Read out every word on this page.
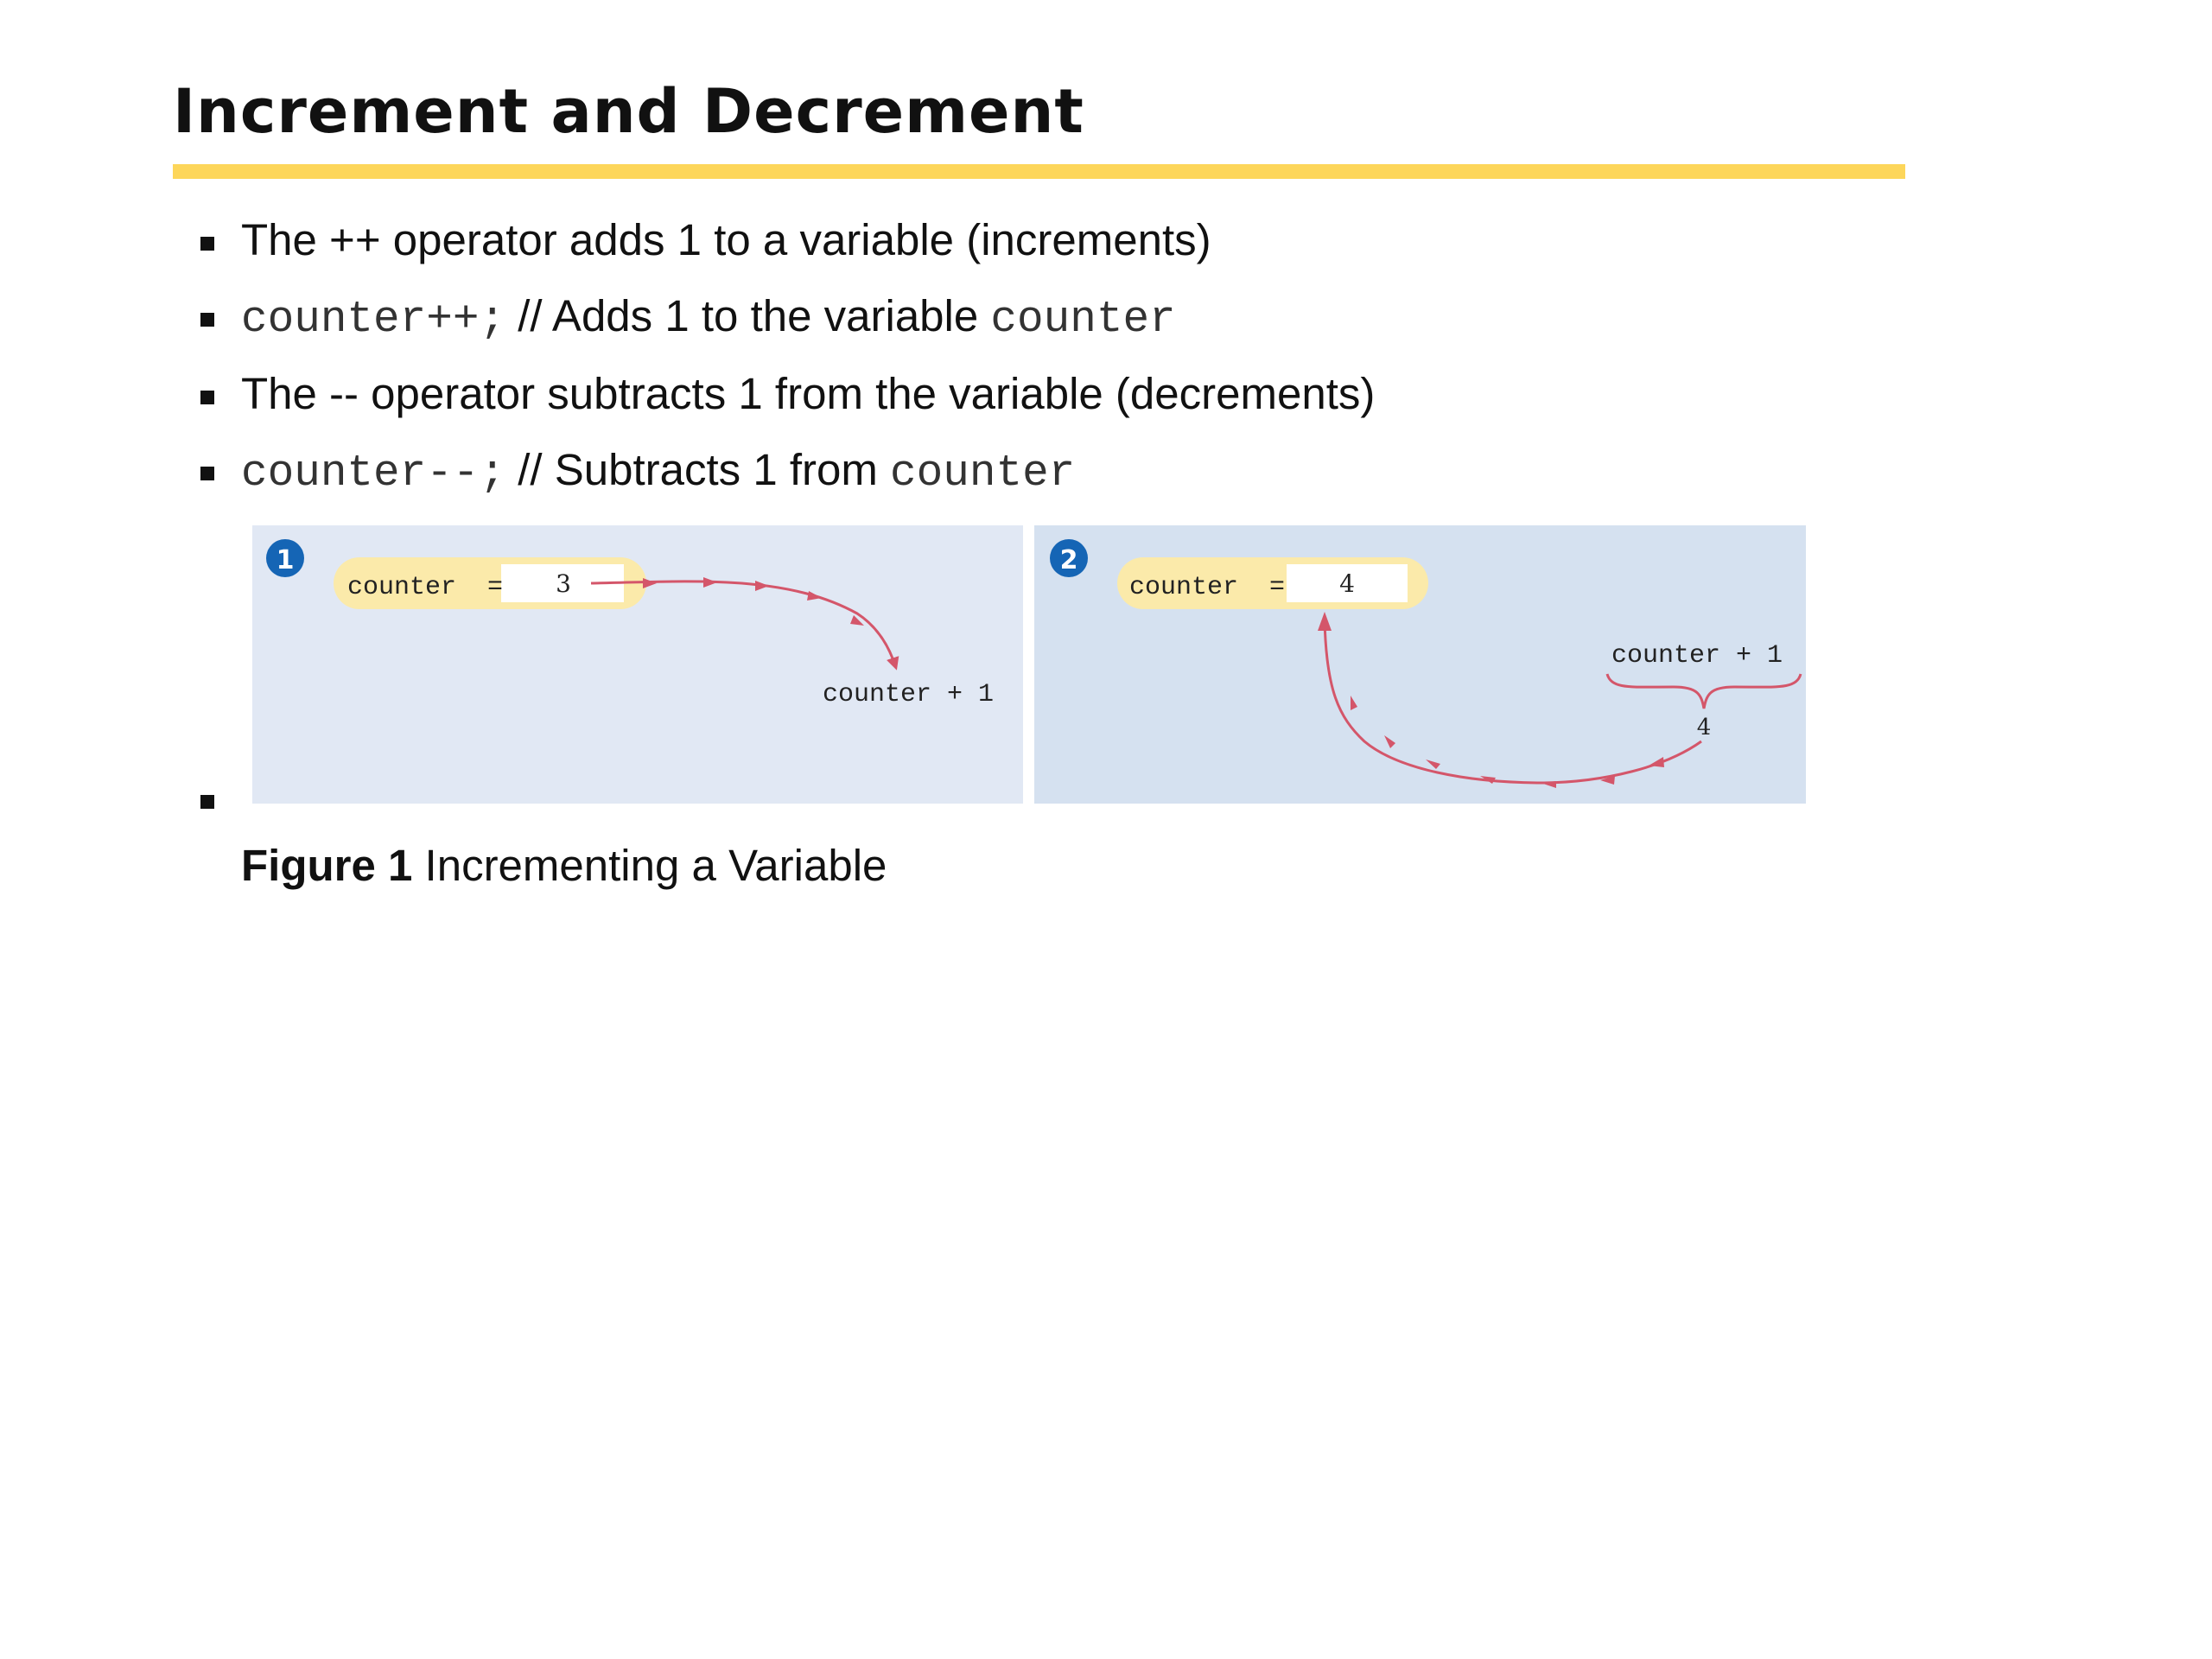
Increment and Decrement
The ++ operator adds 1 to a variable (increments)
counter++; // Adds 1 to the variable counter
The -- operator subtracts 1 from the variable (decrements)
counter--; // Subtracts 1 from counter
1
counter  = 3
counter + 1
2
counter  = 4
counter + 1
4
Figure 1 Incrementing a Variable
